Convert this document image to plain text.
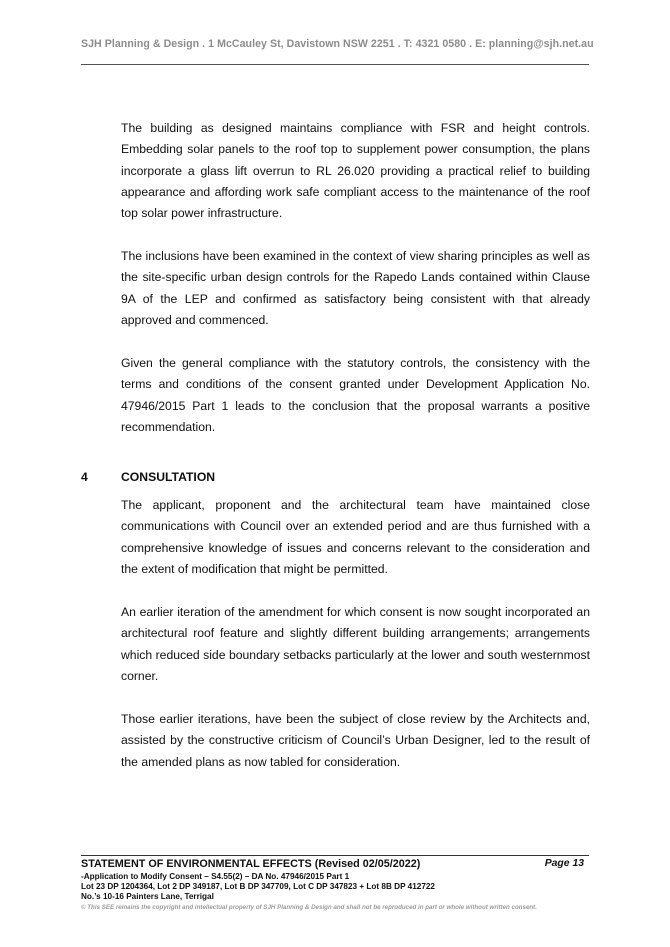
SJH Planning & Design . 1 McCauley St, Davistown NSW 2251 . T: 4321 0580 . E: planning@sjh.net.au

The building as designed maintains compliance with FSR and height controls. Embedding solar panels to the roof top to supplement power consumption, the plans incorporate a glass lift overrun to RL 26.020 providing a practical relief to building appearance and affording work safe compliant access to the maintenance of the roof top solar power infrastructure.

The inclusions have been examined in the context of view sharing principles as well as the site-specific urban design controls for the Rapedo Lands contained within Clause 9A of the LEP and confirmed as satisfactory being consistent with that already approved and commenced.

Given the general compliance with the statutory controls, the consistency with the terms and conditions of the consent granted under Development Application No. 47946/2015 Part 1 leads to the conclusion that the proposal warrants a positive recommendation.

4	CONSULTATION

The applicant, proponent and the architectural team have maintained close communications with Council over an extended period and are thus furnished with a comprehensive knowledge of issues and concerns relevant to the consideration and the extent of modification that might be permitted.

An earlier iteration of the amendment for which consent is now sought incorporated an architectural roof feature and slightly different building arrangements; arrangements which reduced side boundary setbacks particularly at the lower and south westernmost corner.

Those earlier iterations, have been the subject of close review by the Architects and, assisted by the constructive criticism of Council’s Urban Designer, led to the result of the amended plans as now tabled for consideration.

STATEMENT OF ENVIRONMENTAL EFFECTS (Revised 02/05/2022)	Page 13
-Application to Modify Consent – S4.55(2) – DA No. 47946/2015 Part 1
Lot 23 DP 1204364, Lot 2 DP 349187, Lot B DP 347709, Lot C DP 347823 + Lot 8B DP 412722
No.’s 10-16 Painters Lane, Terrigal
© This SEE remains the copyright and intellectual property of SJH Planning & Design and shall not be reproduced in part or whole without written consent.
